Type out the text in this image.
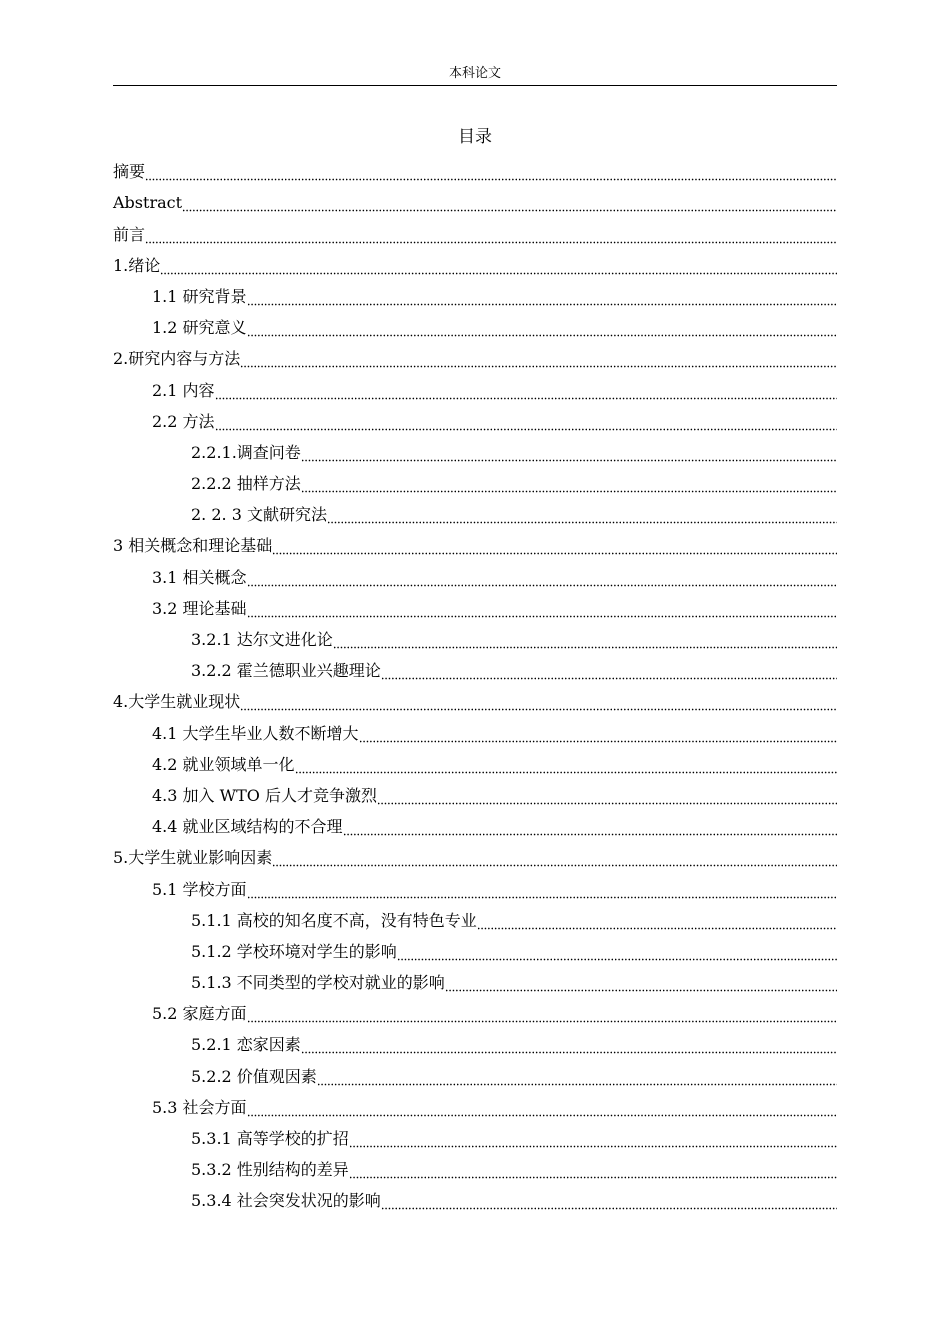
本科论文
目录
摘要
Abstract
前言
1.绪论
1.1 研究背景
1.2 研究意义
2.研究内容与方法
2.1 内容
2.2 方法
2.2.1.调查问卷
2.2.2 抽样方法
2. 2. 3 文献研究法
3 相关概念和理论基础
3.1 相关概念
3.2 理论基础
3.2.1 达尔文进化论
3.2.2 霍兰德职业兴趣理论
4.大学生就业现状
4.1 大学生毕业人数不断增大
4.2 就业领域单一化
4.3 加入 WTO 后人才竞争激烈
4.4 就业区域结构的不合理
5.大学生就业影响因素
5.1 学校方面
5.1.1 高校的知名度不高，没有特色专业
5.1.2 学校环境对学生的影响
5.1.3 不同类型的学校对就业的影响
5.2 家庭方面
5.2.1 恋家因素
5.2.2 价值观因素
5.3 社会方面
5.3.1 高等学校的扩招
5.3.2 性别结构的差异
5.3.4 社会突发状况的影响
